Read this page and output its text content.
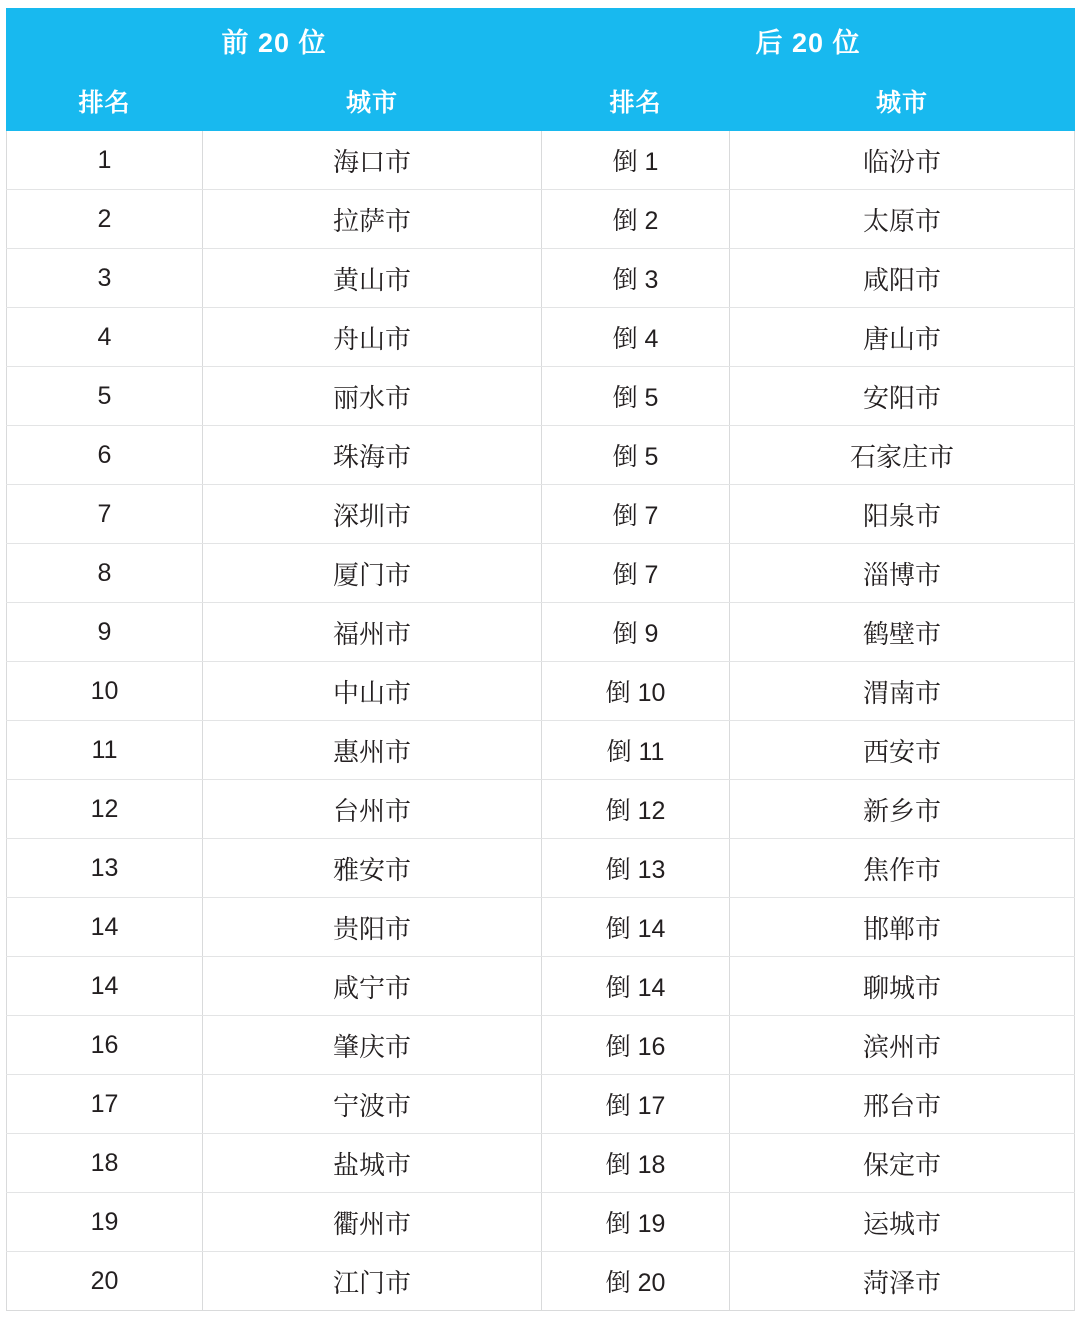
前 20 位		后 20 位	
排名	城市	排名	城市
1	海口市	倒 1	临汾市
2	拉萨市	倒 2	太原市
3	黄山市	倒 3	咸阳市
4	舟山市	倒 4	唐山市
5	丽水市	倒 5	安阳市
6	珠海市	倒 5	石家庄市
7	深圳市	倒 7	阳泉市
8	厦门市	倒 7	淄博市
9	福州市	倒 9	鹤壁市
10	中山市	倒 10	渭南市
11	惠州市	倒 11	西安市
12	台州市	倒 12	新乡市
13	雅安市	倒 13	焦作市
14	贵阳市	倒 14	邯郸市
14	咸宁市	倒 14	聊城市
16	肇庆市	倒 16	滨州市
17	宁波市	倒 17	邢台市
18	盐城市	倒 18	保定市
19	衢州市	倒 19	运城市
20	江门市	倒 20	菏泽市
